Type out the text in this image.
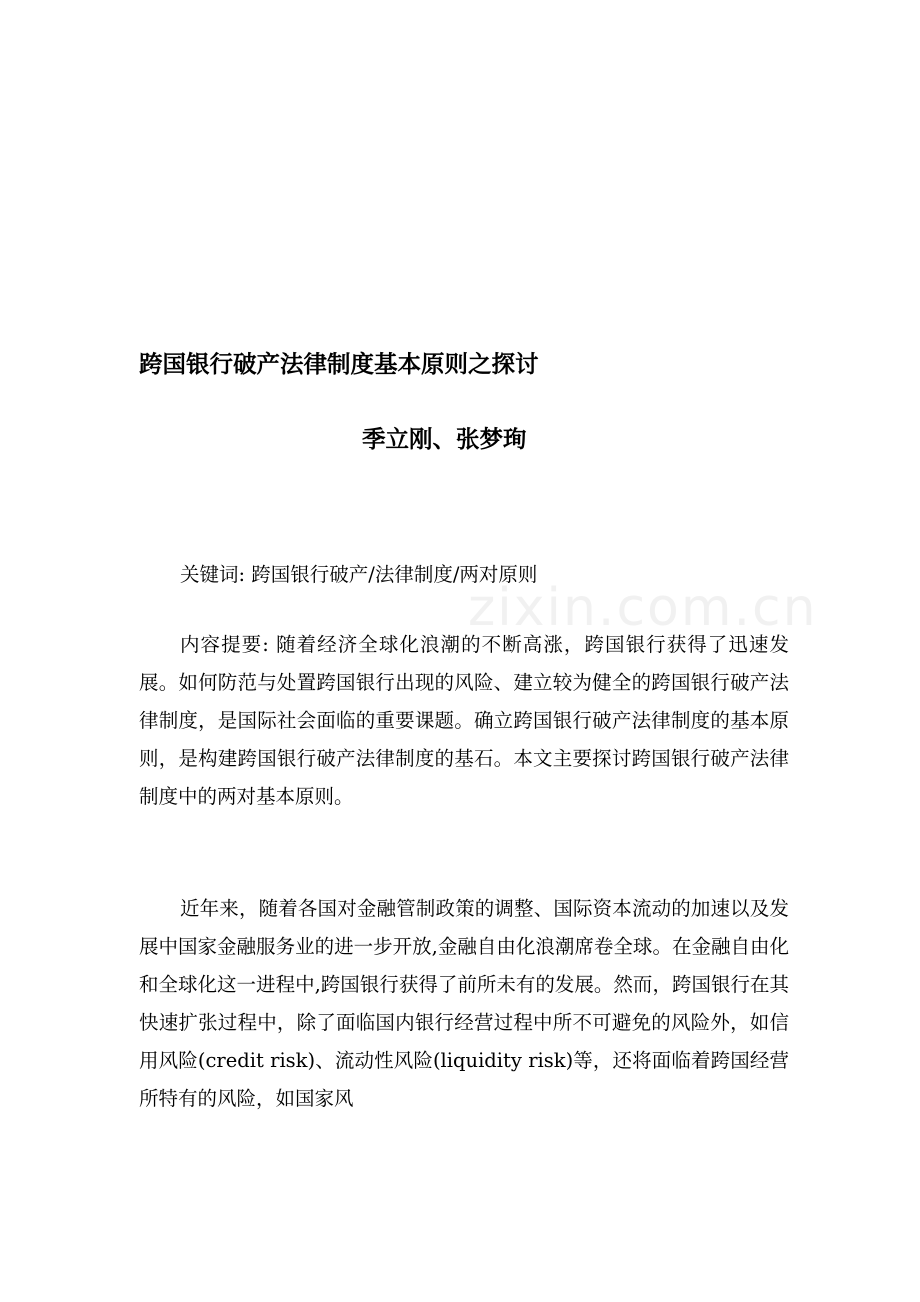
zixin.com.cn
跨国银行破产法律制度基本原则之探讨
季立刚、张梦珣

关键词: 跨国银行破产/法律制度/两对原则

内容提要: 随着经济全球化浪潮的不断高涨，跨国银行获得了迅速发展。如何防范与处置跨国银行出现的风险、建立较为健全的跨国银行破产法律制度，是国际社会面临的重要课题。确立跨国银行破产法律制度的基本原则，是构建跨国银行破产法律制度的基石。本文主要探讨跨国银行破产法律制度中的两对基本原则。

近年来，随着各国对金融管制政策的调整、国际资本流动的加速以及发展中国家金融服务业的进一步开放,金融自由化浪潮席卷全球。在金融自由化和全球化这一进程中,跨国银行获得了前所未有的发展。然而，跨国银行在其快速扩张过程中，除了面临国内银行经营过程中所不可避免的风险外，如信用风险(credit risk)、流动性风险(liquidity risk)等，还将面临着跨国经营所特有的风险，如国家风
